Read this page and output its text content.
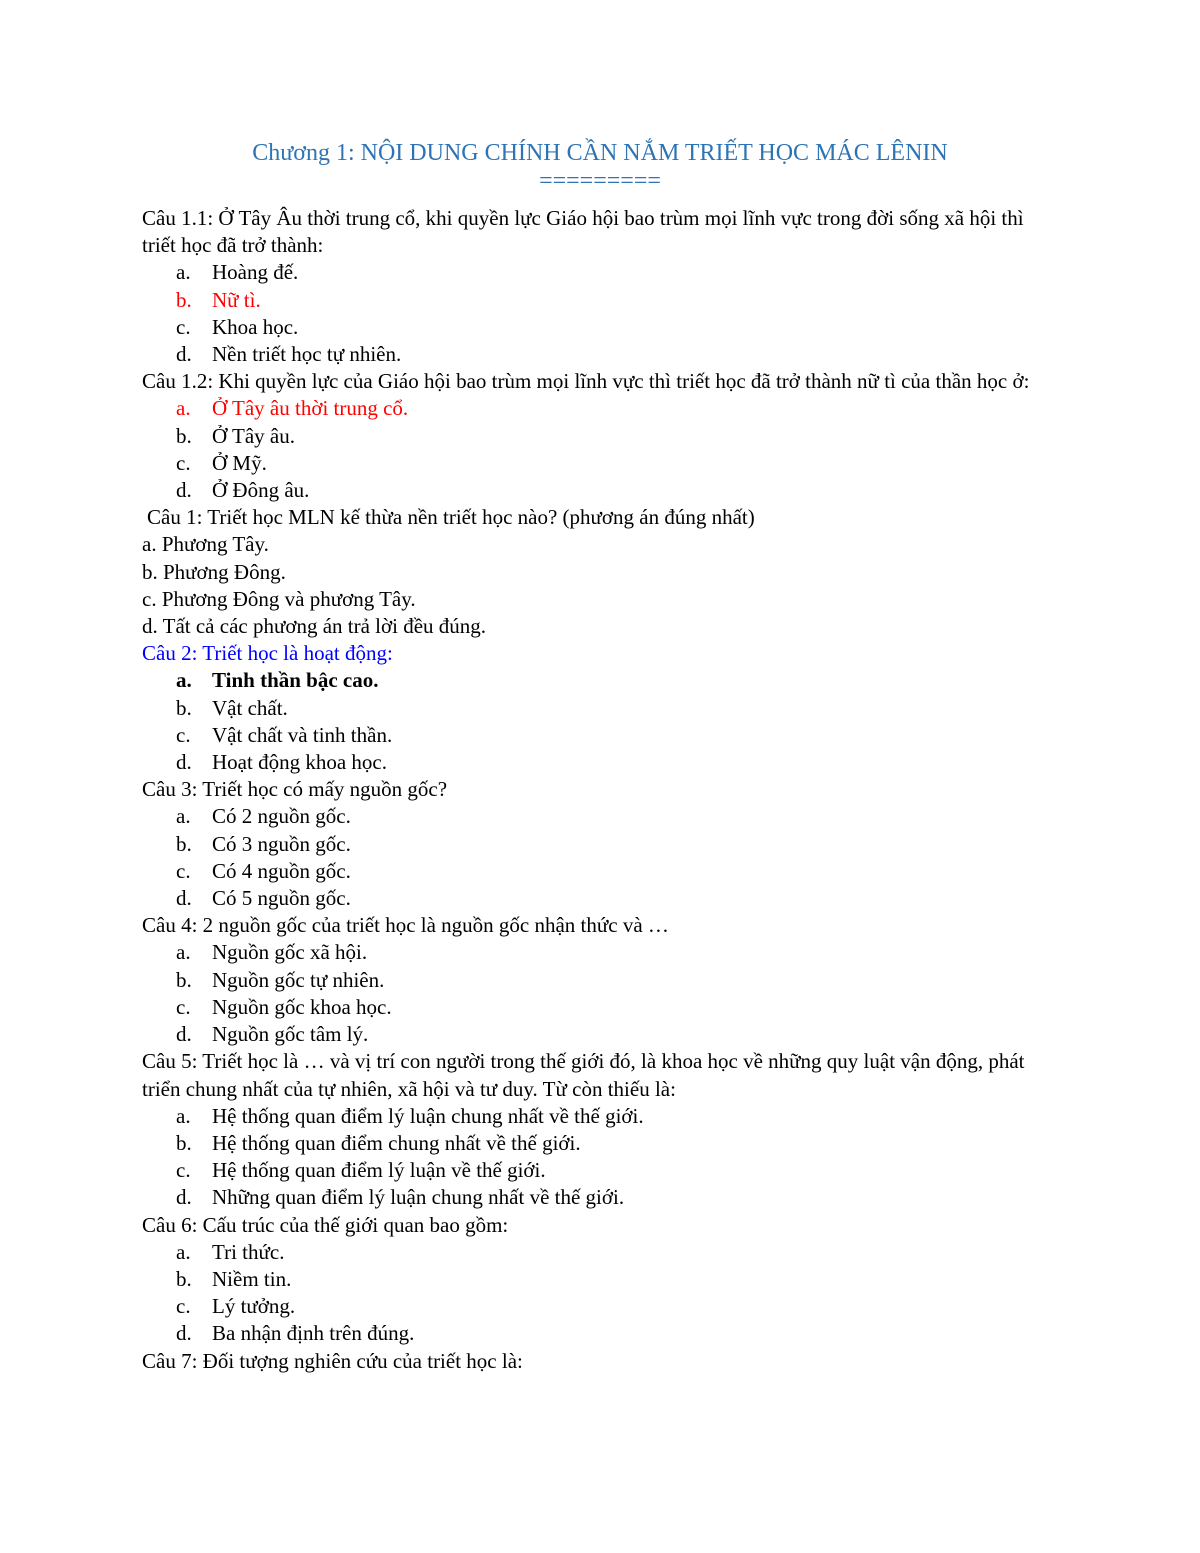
Chương 1: NỘI DUNG CHÍNH CẦN NẮM TRIẾT HỌC MÁC LÊNIN
=========

Câu 1.1: Ở Tây Âu thời trung cổ, khi quyền lực Giáo hội bao trùm mọi lĩnh vực trong đời sống xã hội thì triết học đã trở thành:

a. Hoàng đế.

b. Nữ tì.

c. Khoa học.

d. Nền triết học tự nhiên.

Câu 1.2: Khi quyền lực của Giáo hội bao trùm mọi lĩnh vực thì triết học đã trở thành nữ tì của thần học ở:

a. Ở Tây âu thời trung cổ.

b. Ở Tây âu.

c. Ở Mỹ.

d. Ở Đông âu.

Câu 1: Triết học MLN kế thừa nền triết học nào? (phương án đúng nhất)

a. Phương Tây.

b. Phương Đông.

c. Phương Đông và phương Tây.

d. Tất cả các phương án trả lời đều đúng.

Câu 2: Triết học là hoạt động:

a. Tinh thần bậc cao.

b. Vật chất.

c. Vật chất và tinh thần.

d. Hoạt động khoa học.

Câu 3: Triết học có mấy nguồn gốc?

a. Có 2 nguồn gốc.

b. Có 3 nguồn gốc.

c. Có 4 nguồn gốc.

d. Có 5 nguồn gốc.

Câu 4: 2 nguồn gốc của triết học là nguồn gốc nhận thức và …

a. Nguồn gốc xã hội.

b. Nguồn gốc tự nhiên.

c. Nguồn gốc khoa học.

d. Nguồn gốc tâm lý.

Câu 5: Triết học là … và vị trí con người trong thế giới đó, là khoa học về những quy luật vận động, phát triển chung nhất của tự nhiên, xã hội và tư duy. Từ còn thiếu là:

a. Hệ thống quan điểm lý luận chung nhất về thế giới.

b. Hệ thống quan điểm chung nhất về thế giới.

c. Hệ thống quan điểm lý luận về thế giới.

d. Những quan điểm lý luận chung nhất về thế giới.

Câu 6: Cấu trúc của thế giới quan bao gồm:

a. Tri thức.

b. Niềm tin.

c. Lý tưởng.

d. Ba nhận định trên đúng.

Câu 7: Đối tượng nghiên cứu của triết học là:
